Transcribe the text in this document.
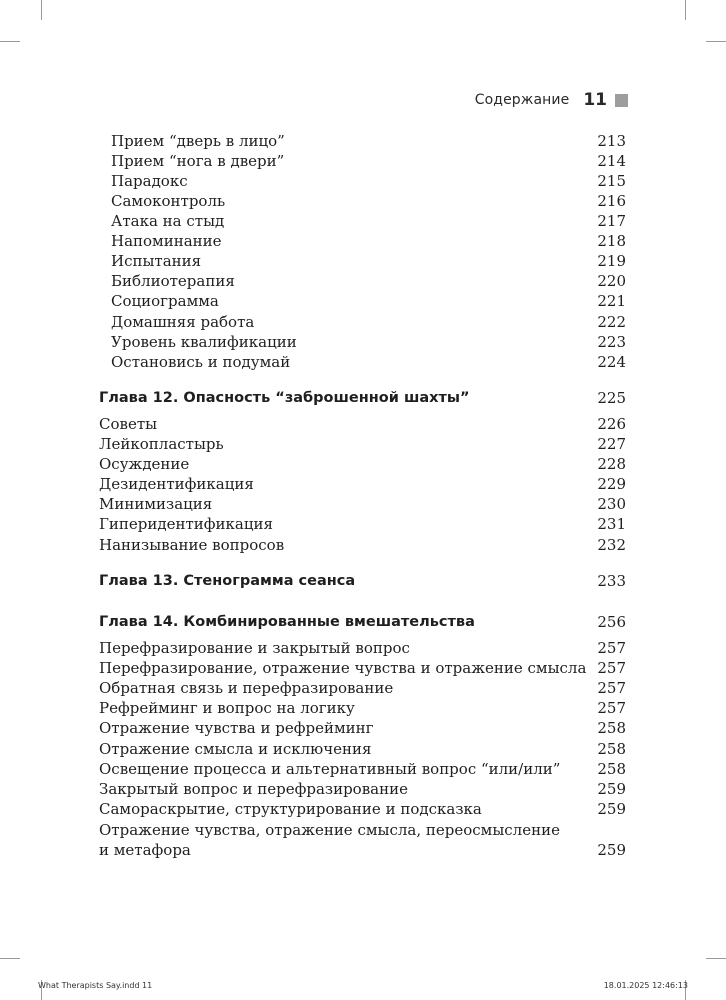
Содержание 11
Прием “дверь в лицо”	213
Прием “нога в двери”	214
Парадокс	215
Самоконтроль	216
Атака на стыд	217
Напоминание	218
Испытания	219
Библиотерапия	220
Социограмма	221
Домашняя работа	222
Уровень квалификации	223
Остановись и подумай	224
Глава 12. Опасность “заброшенной шахты”	225
Советы	226
Лейкопластырь	227
Осуждение	228
Дезидентификация	229
Минимизация	230
Гиперидентификация	231
Нанизывание вопросов	232
Глава 13. Стенограмма сеанса	233
Глава 14. Комбинированные вмешательства	256
Перефразирование и закрытый вопрос	257
Перефразирование, отражение чувства и отражение смысла 257
Обратная связь и перефразирование	257
Рефрейминг и вопрос на логику	257
Отражение чувства и рефрейминг	258
Отражение смысла и исключения	258
Освещение процесса и альтернативный вопрос “или/или” 258
Закрытый вопрос и перефразирование	259
Самораскрытие, структурирование и подсказка	259
Отражение чувства, отражение смысла, переосмысление
и метафора	259
What Therapists Say.indd 11	18.01.2025 12:46:13
